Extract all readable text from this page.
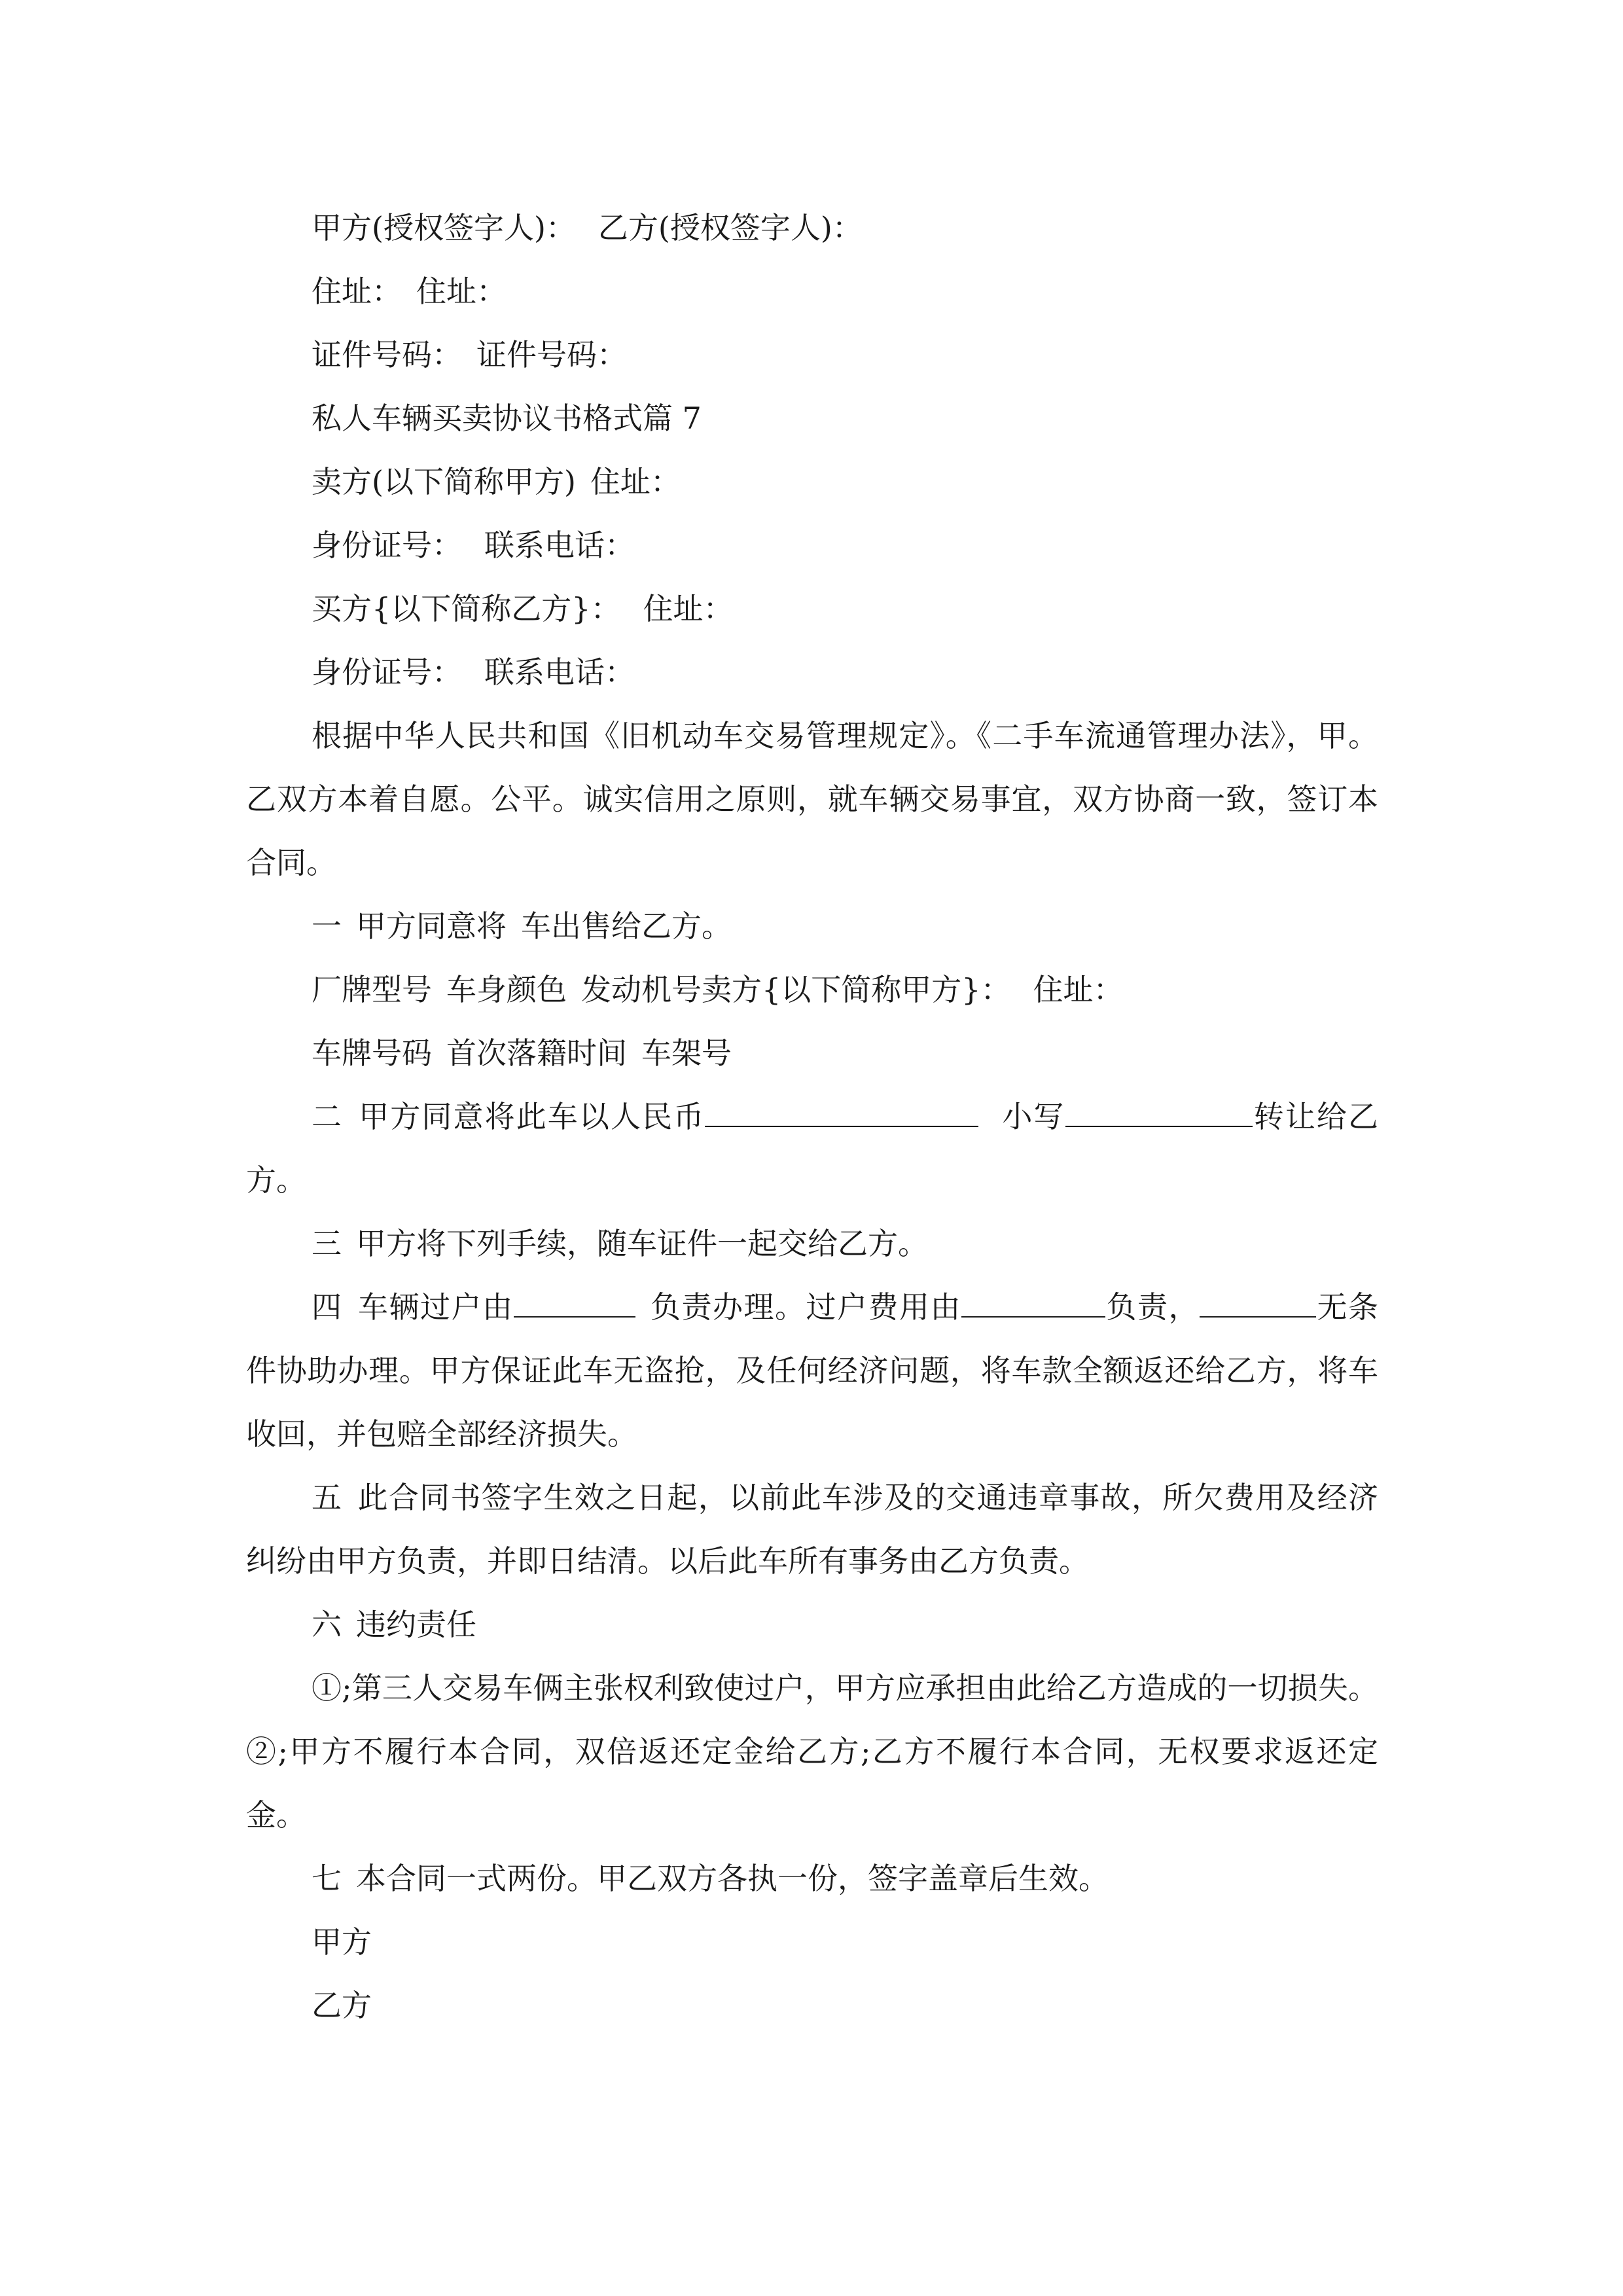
甲方(授权签字人)： 乙方(授权签字人)：

住址： 住址：

证件号码： 证件号码：

私人车辆买卖协议书格式篇 7

卖方(以下简称甲方) 住址：

身份证号： 联系电话：

买方{以下简称乙方}： 住址：

身份证号： 联系电话：

根据中华人民共和国《旧机动车交易管理规定》。《二手车流通管理办法》，甲。乙双方本着自愿。公平。诚实信用之原则，就车辆交易事宜，双方协商一致，签订本合同。

一 甲方同意将 车出售给乙方。

厂牌型号 车身颜色 发动机号卖方{以下简称甲方}： 住址：

车牌号码 首次落籍时间 车架号

二 甲方同意将此车以人民币	小写	转让给乙方。

三 甲方将下列手续，随车证件一起交给乙方。

四 车辆过户由	负责办理。过户费用由	负责，	无条件协助办理。甲方保证此车无盗抢，及任何经济问题，将车款全额返还给乙方，将车收回，并包赔全部经济损失。

五 此合同书签字生效之日起，以前此车涉及的交通违章事故，所欠费用及经济纠纷由甲方负责，并即日结清。以后此车所有事务由乙方负责。

六 违约责任

①;第三人交易车俩主张权利致使过户，甲方应承担由此给乙方造成的一切损失。 ②;甲方不履行本合同，双倍返还定金给乙方;乙方不履行本合同，无权要求返还定金。

七 本合同一式两份。甲乙双方各执一份，签字盖章后生效。

甲方

乙方
